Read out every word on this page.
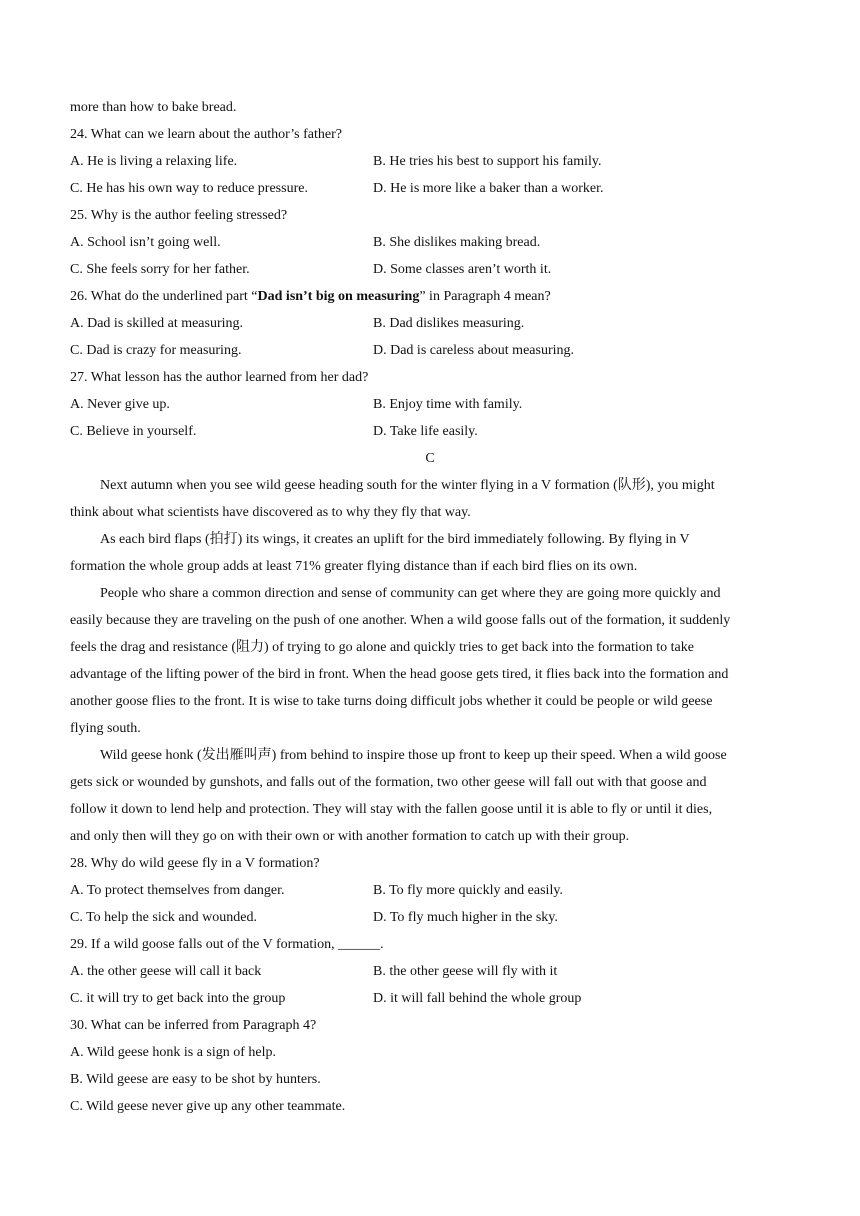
more than how to bake bread.
24. What can we learn about the author’s father?
A. He is living a relaxing life.	B. He tries his best to support his family.
C. He has his own way to reduce pressure.	D. He is more like a baker than a worker.
25. Why is the author feeling stressed?
A. School isn’t going well.	B. She dislikes making bread.
C. She feels sorry for her father.	D. Some classes aren’t worth it.
26. What do the underlined part “Dad isn’t big on measuring” in Paragraph 4 mean?
A. Dad is skilled at measuring.	B. Dad dislikes measuring.
C. Dad is crazy for measuring.	D. Dad is careless about measuring.
27. What lesson has the author learned from her dad?
A. Never give up.	B. Enjoy time with family.
C. Believe in yourself.	D. Take life easily.
C
Next autumn when you see wild geese heading south for the winter flying in a V formation (队形), you might
think about what scientists have discovered as to why they fly that way.
As each bird flaps (拍打) its wings, it creates an uplift for the bird immediately following. By flying in V
formation the whole group adds at least 71% greater flying distance than if each bird flies on its own.
People who share a common direction and sense of community can get where they are going more quickly and
easily because they are traveling on the push of one another. When a wild goose falls out of the formation, it suddenly
feels the drag and resistance (阻力) of trying to go alone and quickly tries to get back into the formation to take
advantage of the lifting power of the bird in front. When the head goose gets tired, it flies back into the formation and
another goose flies to the front. It is wise to take turns doing difficult jobs whether it could be people or wild geese
flying south.
Wild geese honk (发出雁叫声) from behind to inspire those up front to keep up their speed. When a wild goose
gets sick or wounded by gunshots, and falls out of the formation, two other geese will fall out with that goose and
follow it down to lend help and protection. They will stay with the fallen goose until it is able to fly or until it dies,
and only then will they go on with their own or with another formation to catch up with their group.
28. Why do wild geese fly in a V formation?
A. To protect themselves from danger.	B. To fly more quickly and easily.
C. To help the sick and wounded.	D. To fly much higher in the sky.
29. If a wild goose falls out of the V formation, ______.
A. the other geese will call it back	B. the other geese will fly with it
C. it will try to get back into the group	D. it will fall behind the whole group
30. What can be inferred from Paragraph 4?
A. Wild geese honk is a sign of help.
B. Wild geese are easy to be shot by hunters.
C. Wild geese never give up any other teammate.
